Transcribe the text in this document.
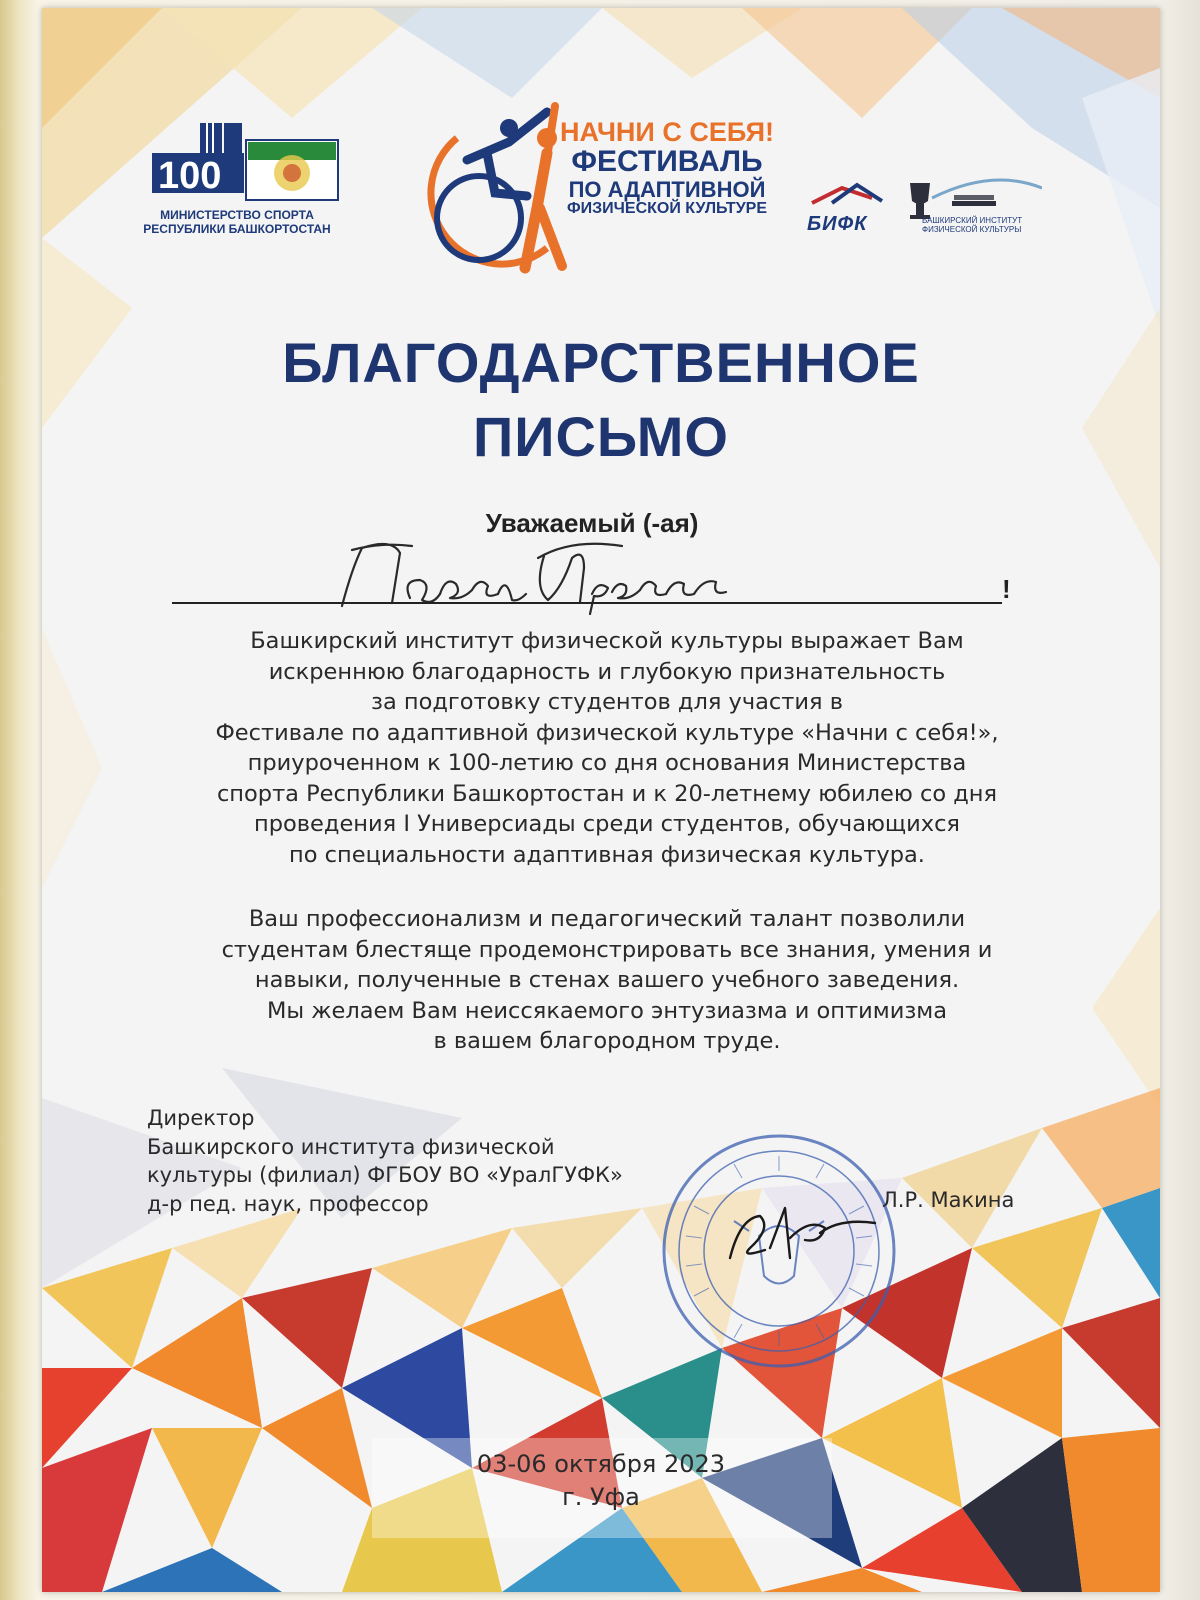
100
МИНИСТЕРСТВО СПОРТА
РЕСПУБЛИКИ БАШКОРТОСТАН
НАЧНИ С СЕБЯ!
ФЕСТИВАЛЬ
ПО АДАПТИВНОЙ
ФИЗИЧЕСКОЙ КУЛЬТУРЕ
БИФК	БАШКИРСКИЙ ИНСТИТУТ
ФИЗИЧЕСКОЙ КУЛЬТУРЫ
БЛАГОДАРСТВЕННОЕ
ПИСЬМО
Уважаемый (-ая)
!
Башкирский институт физической культуры выражает Вам
искреннюю благодарность и глубокую признательность
за подготовку студентов для участия в
Фестивале по адаптивной физической культуре «Начни с себя!»,
приуроченном к 100-летию со дня основания Министерства
спорта Республики Башкортостан и к 20-летнему юбилею со дня
проведения I Универсиады среди студентов, обучающихся
по специальности адаптивная физическая культура.
Ваш профессионализм и педагогический талант позволили
студентам блестяще продемонстрировать все знания, умения и
навыки, полученные в стенах вашего учебного заведения.
Мы желаем Вам неиссякаемого энтузиазма и оптимизма
в вашем благородном труде.
Директор
Башкирского института физической
культуры (филиал) ФГБОУ ВО «УралГУФК»
д-р пед. наук, профессор	Л.Р. Макина
03-06 октября 2023
г. Уфа
